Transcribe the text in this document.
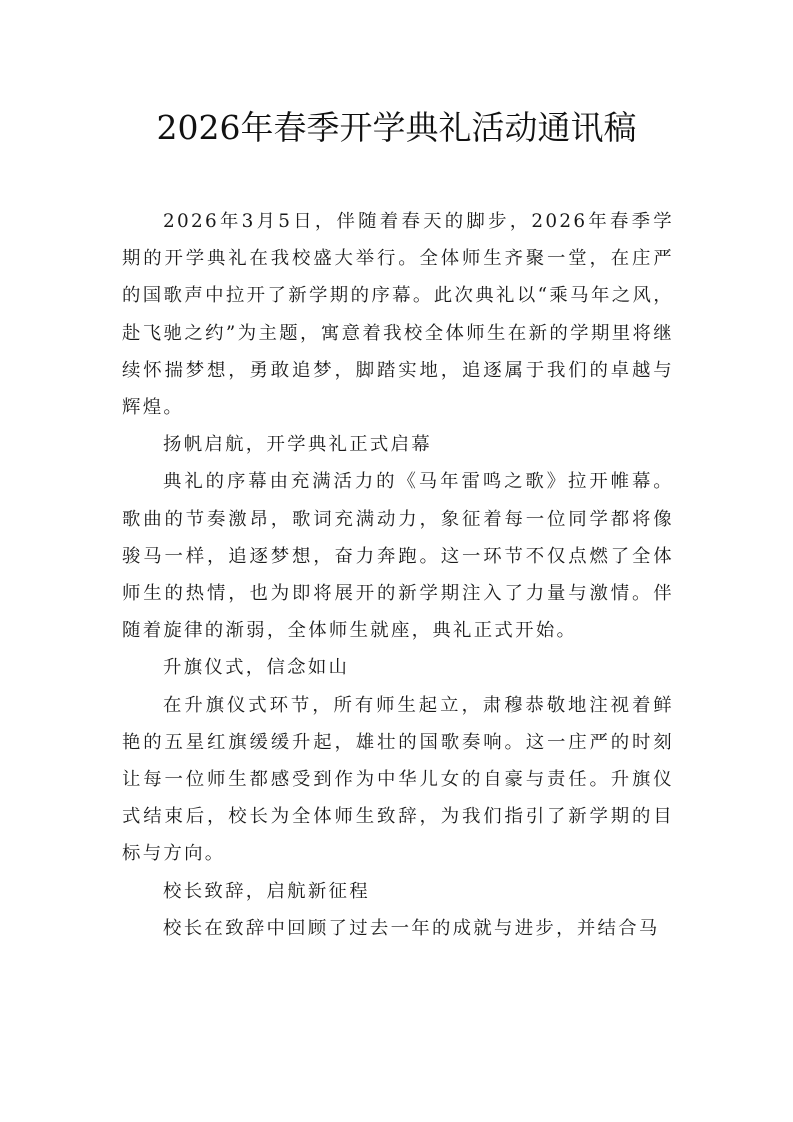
2026年春季开学典礼活动通讯稿

2026年3月5日，伴随着春天的脚步，2026年春季学期的开学典礼在我校盛大举行。全体师生齐聚一堂，在庄严的国歌声中拉开了新学期的序幕。此次典礼以“乘马年之风，赴飞驰之约”为主题，寓意着我校全体师生在新的学期里将继续怀揣梦想，勇敢追梦，脚踏实地，追逐属于我们的卓越与辉煌。

扬帆启航，开学典礼正式启幕

典礼的序幕由充满活力的《马年雷鸣之歌》拉开帷幕。歌曲的节奏激昂，歌词充满动力，象征着每一位同学都将像骏马一样，追逐梦想，奋力奔跑。这一环节不仅点燃了全体师生的热情，也为即将展开的新学期注入了力量与激情。伴随着旋律的渐弱，全体师生就座，典礼正式开始。

升旗仪式，信念如山

在升旗仪式环节，所有师生起立，肃穆恭敬地注视着鲜艳的五星红旗缓缓升起，雄壮的国歌奏响。这一庄严的时刻让每一位师生都感受到作为中华儿女的自豪与责任。升旗仪式结束后，校长为全体师生致辞，为我们指引了新学期的目标与方向。

校长致辞，启航新征程

校长在致辞中回顾了过去一年的成就与进步，并结合马
